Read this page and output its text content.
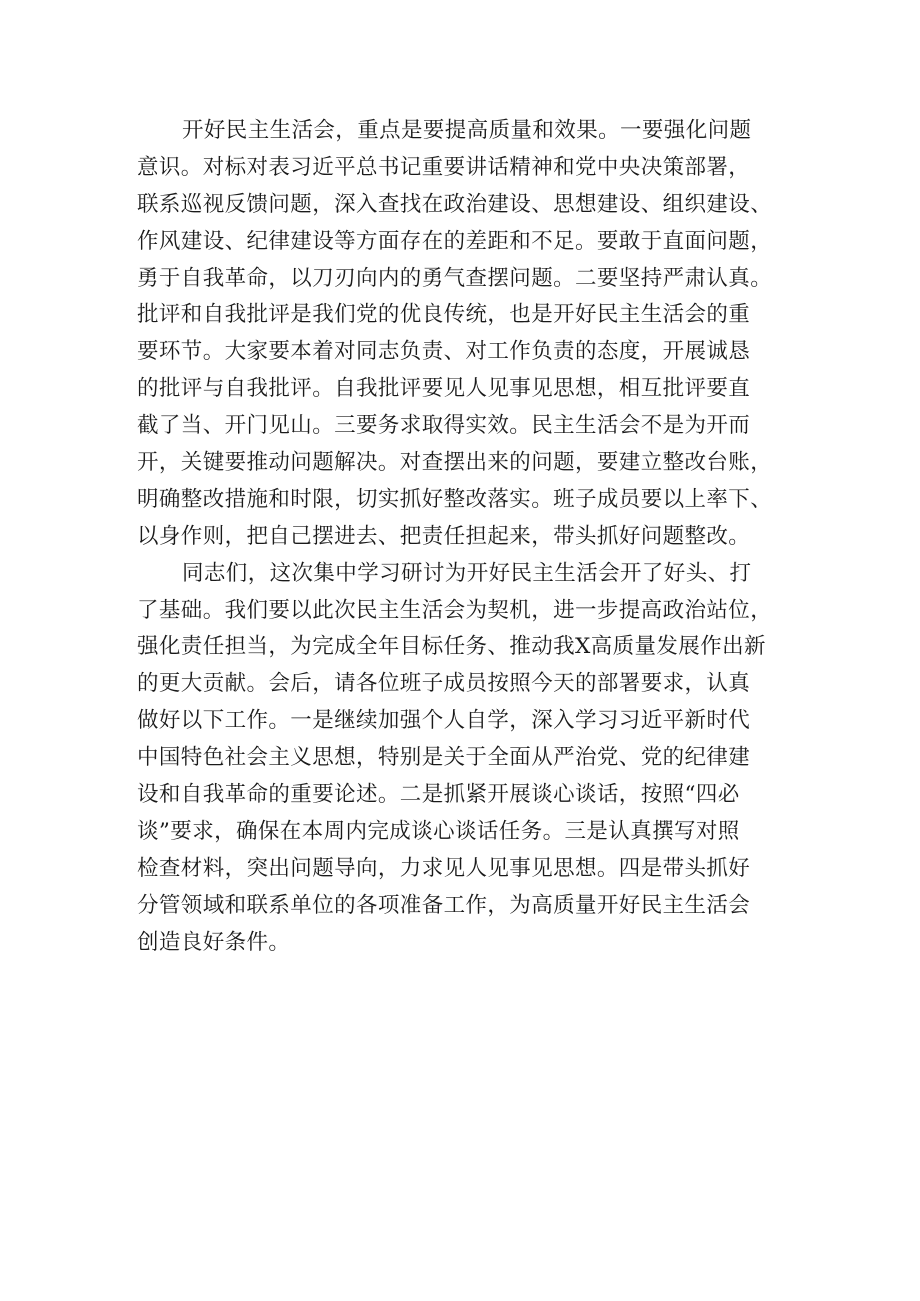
开好民主生活会，重点是要提高质量和效果。一要强化问题
意识。对标对表习近平总书记重要讲话精神和党中央决策部署，
联系巡视反馈问题，深入查找在政治建设、思想建设、组织建设、
作风建设、纪律建设等方面存在的差距和不足。要敢于直面问题，
勇于自我革命，以刀刃向内的勇气查摆问题。二要坚持严肃认真。
批评和自我批评是我们党的优良传统，也是开好民主生活会的重
要环节。大家要本着对同志负责、对工作负责的态度，开展诚恳
的批评与自我批评。自我批评要见人见事见思想，相互批评要直
截了当、开门见山。三要务求取得实效。民主生活会不是为开而
开，关键要推动问题解决。对查摆出来的问题，要建立整改台账，
明确整改措施和时限，切实抓好整改落实。班子成员要以上率下、
以身作则，把自己摆进去、把责任担起来，带头抓好问题整改。
同志们，这次集中学习研讨为开好民主生活会开了好头、打
了基础。我们要以此次民主生活会为契机，进一步提高政治站位，
强化责任担当，为完成全年目标任务、推动我X高质量发展作出新
的更大贡献。会后，请各位班子成员按照今天的部署要求，认真
做好以下工作。一是继续加强个人自学，深入学习习近平新时代
中国特色社会主义思想，特别是关于全面从严治党、党的纪律建
设和自我革命的重要论述。二是抓紧开展谈心谈话，按照“四必
谈”要求，确保在本周内完成谈心谈话任务。三是认真撰写对照
检查材料，突出问题导向，力求见人见事见思想。四是带头抓好
分管领域和联系单位的各项准备工作，为高质量开好民主生活会
创造良好条件。
